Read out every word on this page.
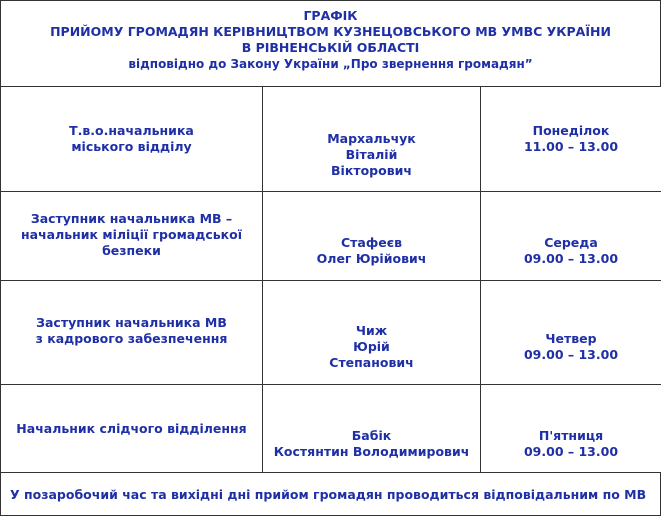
ГРАФІК
ПРИЙОМУ ГРОМАДЯН КЕРІВНИЦТВОМ КУЗНЕЦОВСЬКОГО МВ УМВС УКРАЇНИ
В РІВНЕНСЬКІЙ ОБЛАСТІ
відповідно до Закону України „Про звернення громадян”
Т.в.о.начальника
міського відділу	Мархальчук
Віталій
Вікторович	Понеділок
11.00 – 13.00

Заступник начальника МВ –
начальник міліції громадської
безпеки	Стафеєв
Олег Юрійович	Середа
09.00 – 13.00

Заступник начальника МВ
з кадрового забезпечення	Чиж
Юрій
Степанович	Четвер
09.00 – 13.00

Начальник слідчого відділення	Бабік
Костянтин Володимирович	П'ятниця
09.00 – 13.00
У позаробочий час та вихідні дні прийом громадян проводиться відповідальним по МВ
